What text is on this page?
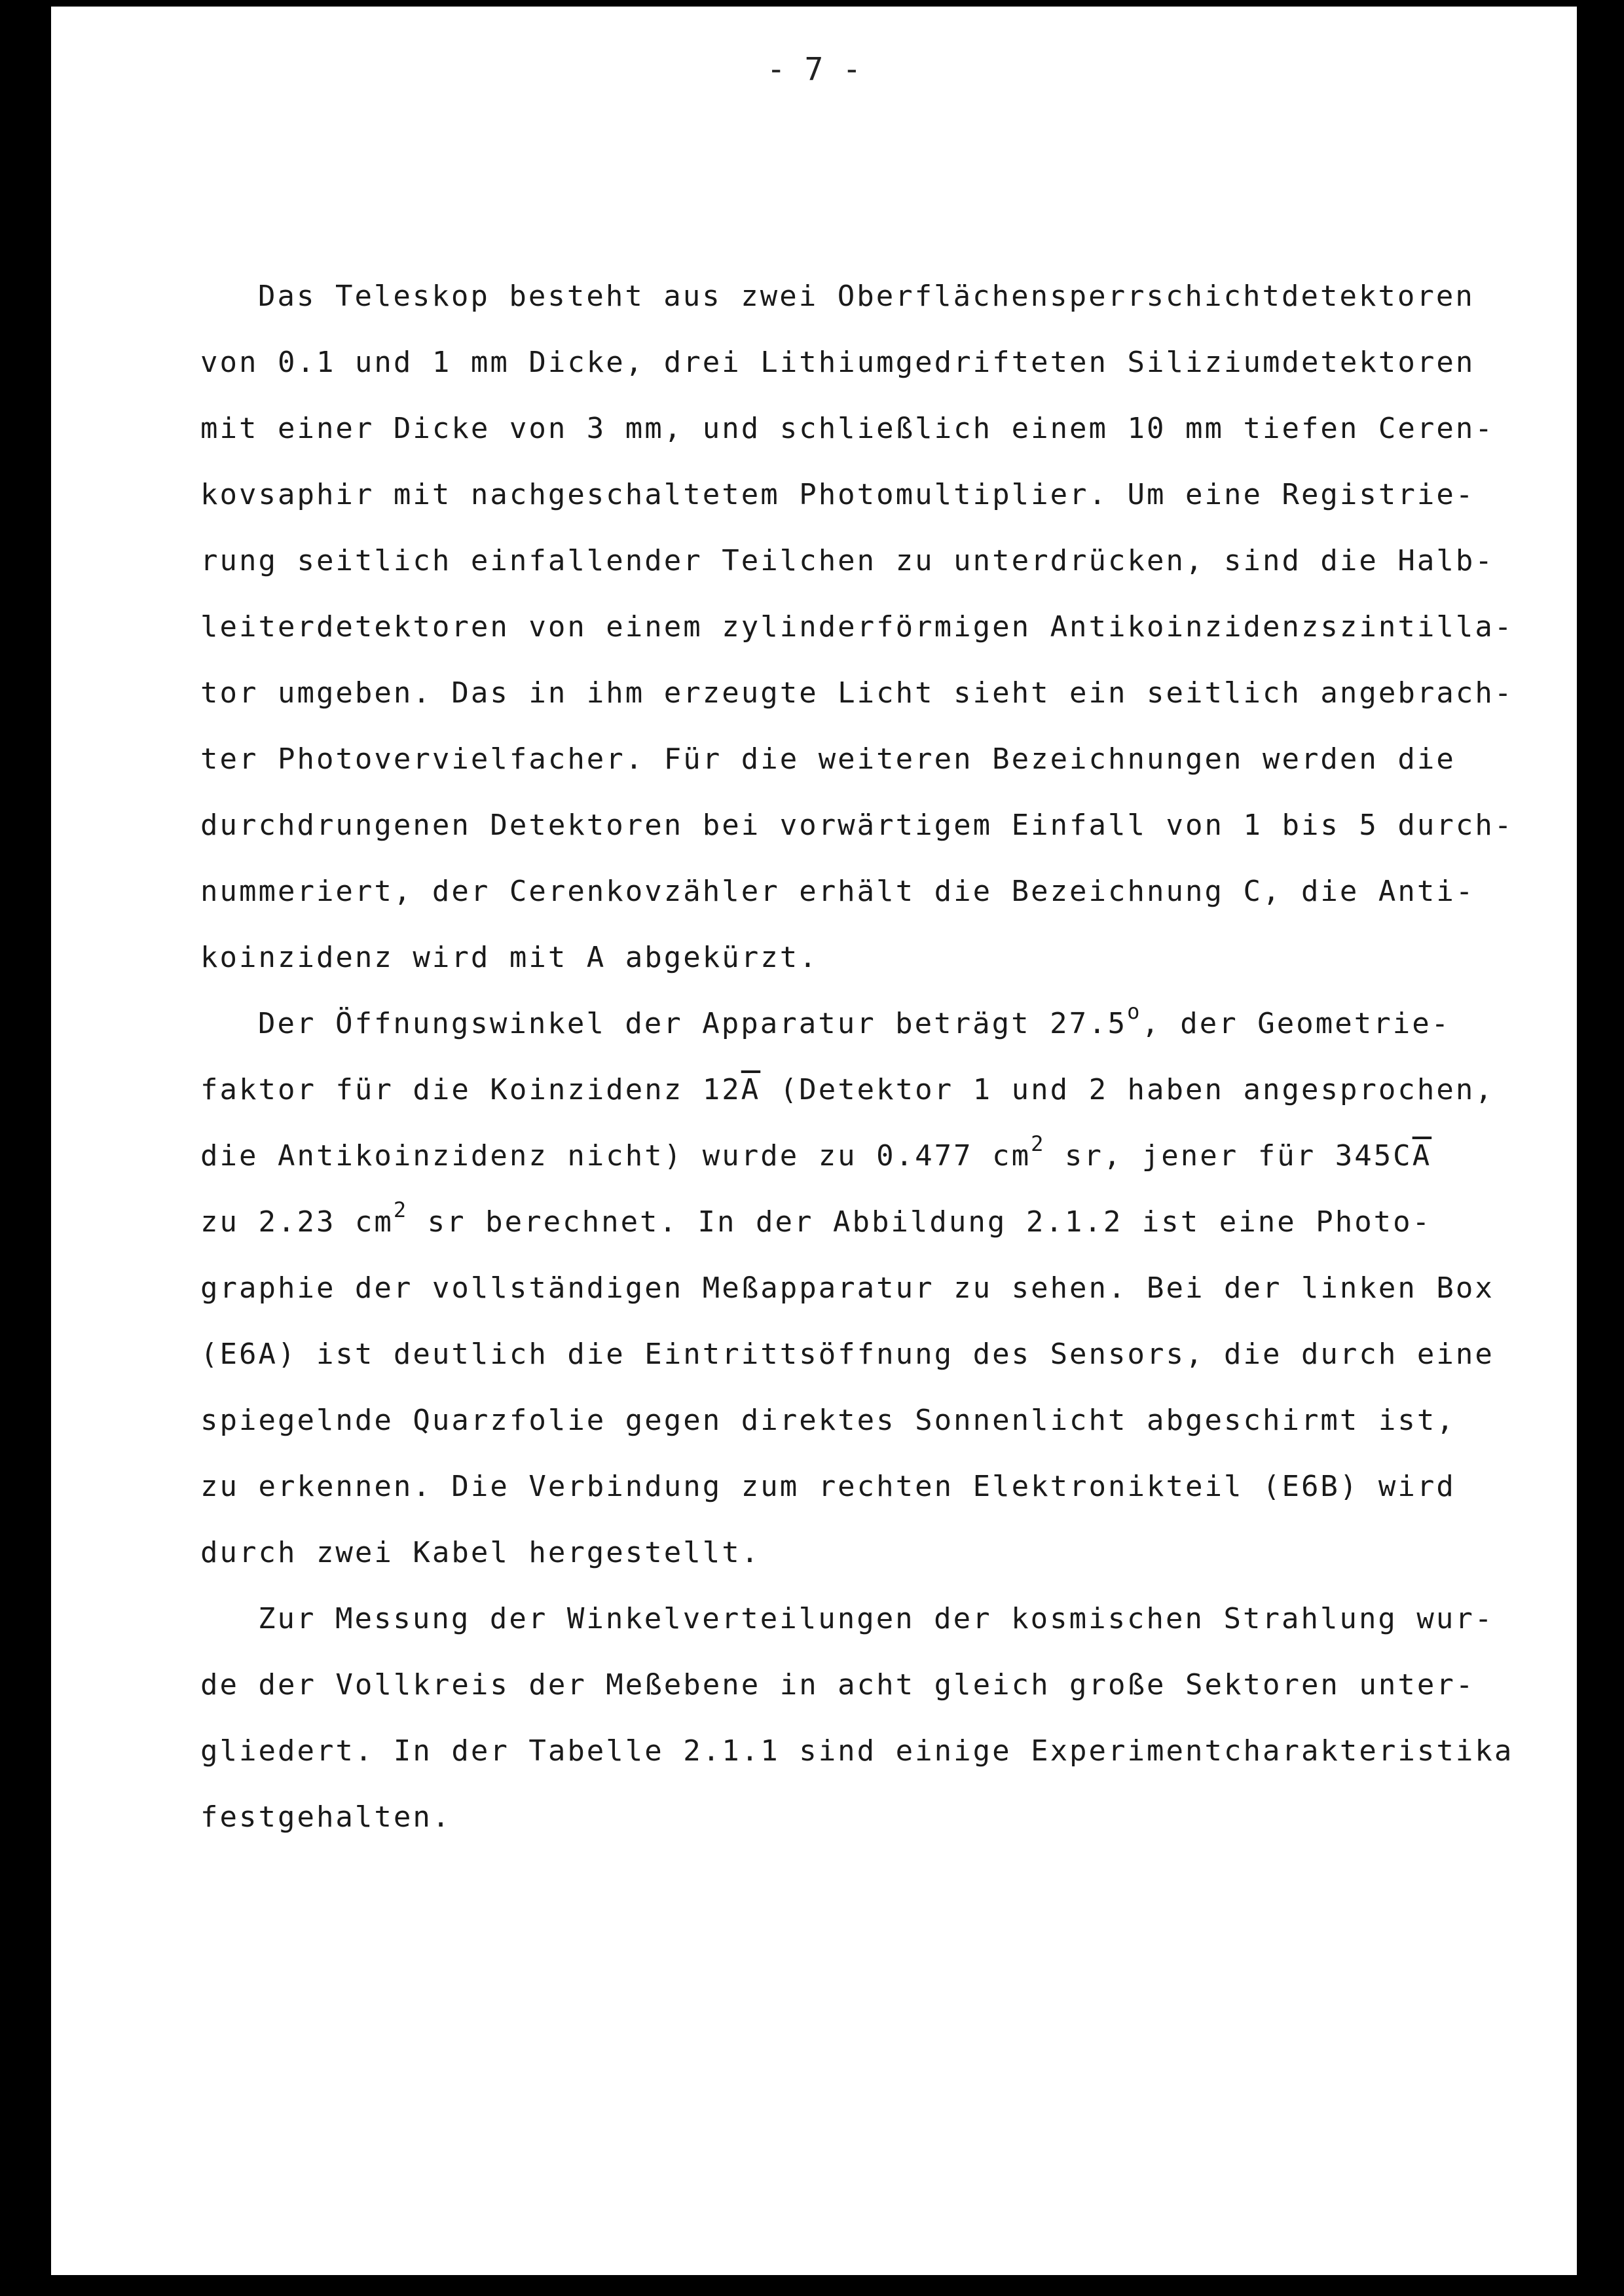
- 7 -
Das Teleskop besteht aus zwei Oberflächensperrschichtdetektoren
von 0.1 und 1 mm Dicke, drei Lithiumgedrifteten Siliziumdetektoren
mit einer Dicke von 3 mm, und schließlich einem 10 mm tiefen Ceren-
kovsaphir mit nachgeschaltetem Photomultiplier. Um eine Registrie-
rung seitlich einfallender Teilchen zu unterdrücken, sind die Halb-
leiterdetektoren von einem zylinderförmigen Antikoinzidenzszintilla-
tor umgeben. Das in ihm erzeugte Licht sieht ein seitlich angebrach-
ter Photovervielfacher. Für die weiteren Bezeichnungen werden die
durchdrungenen Detektoren bei vorwärtigem Einfall von 1 bis 5 durch-
nummeriert, der Cerenkovzähler erhält die Bezeichnung C, die Anti-
koinzidenz wird mit A abgekürzt.
Der Öffnungswinkel der Apparatur beträgt 27.5$^o$, der Geometrie-
faktor für die Koinzidenz $12\overline{A}$ (Detektor 1 und 2 haben angesprochen,
die Antikoinzidenz nicht) wurde zu 0.477 $cm^2$ sr, jener für $345C\overline{A}$
zu 2.23 $cm^2$ sr berechnet. In der Abbildung 2.1.2 ist eine Photo-
graphie der vollständigen Meßapparatur zu sehen. Bei der linken Box
(E6A) ist deutlich die Eintrittsöffnung des Sensors, die durch eine
spiegelnde Quarzfolie gegen direktes Sonnenlicht abgeschirmt ist,
zu erkennen. Die Verbindung zum rechten Elektronikteil (E6B) wird
durch zwei Kabel hergestellt.
Zur Messung der Winkelverteilungen der kosmischen Strahlung wur-
de der Vollkreis der Meßebene in acht gleich große Sektoren unter-
gliedert. In der Tabelle 2.1.1 sind einige Experimentcharakteristika
festgehalten.
